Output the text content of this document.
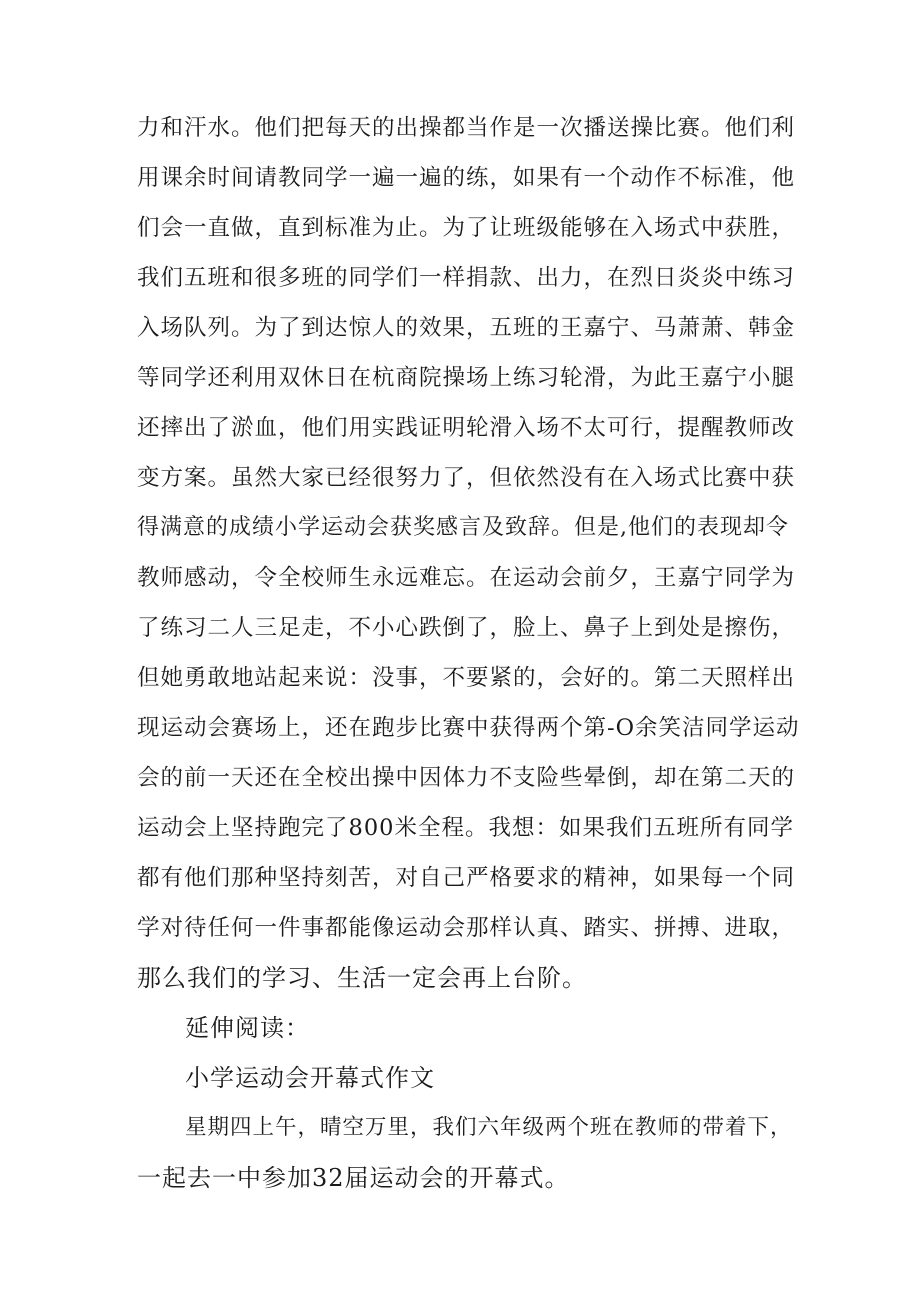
力和汗水。他们把每天的出操都当作是一次播送操比赛。他们利
用课余时间请教同学一遍一遍的练，如果有一个动作不标准，他
们会一直做，直到标准为止。为了让班级能够在入场式中获胜，
我们五班和很多班的同学们一样捐款、出力，在烈日炎炎中练习
入场队列。为了到达惊人的效果，五班的王嘉宁、马萧萧、韩金
等同学还利用双休日在杭商院操场上练习轮滑，为此王嘉宁小腿
还摔出了淤血，他们用实践证明轮滑入场不太可行，提醒教师改
变方案。虽然大家已经很努力了，但依然没有在入场式比赛中获
得满意的成绩小学运动会获奖感言及致辞。但是,他们的表现却令
教师感动，令全校师生永远难忘。在运动会前夕，王嘉宁同学为
了练习二人三足走，不小心跌倒了，脸上、鼻子上到处是擦伤，
但她勇敢地站起来说：没事，不要紧的，会好的。第二天照样出
现运动会赛场上，还在跑步比赛中获得两个第-O余笑洁同学运动
会的前一天还在全校出操中因体力不支险些晕倒，却在第二天的
运动会上坚持跑完了800米全程。我想：如果我们五班所有同学
都有他们那种坚持刻苦，对自己严格要求的精神，如果每一个同
学对待任何一件事都能像运动会那样认真、踏实、拼搏、进取，
那么我们的学习、生活一定会再上台阶。
延伸阅读：
小学运动会开幕式作文
星期四上午，晴空万里，我们六年级两个班在教师的带着下，
一起去一中参加32届运动会的开幕式。
